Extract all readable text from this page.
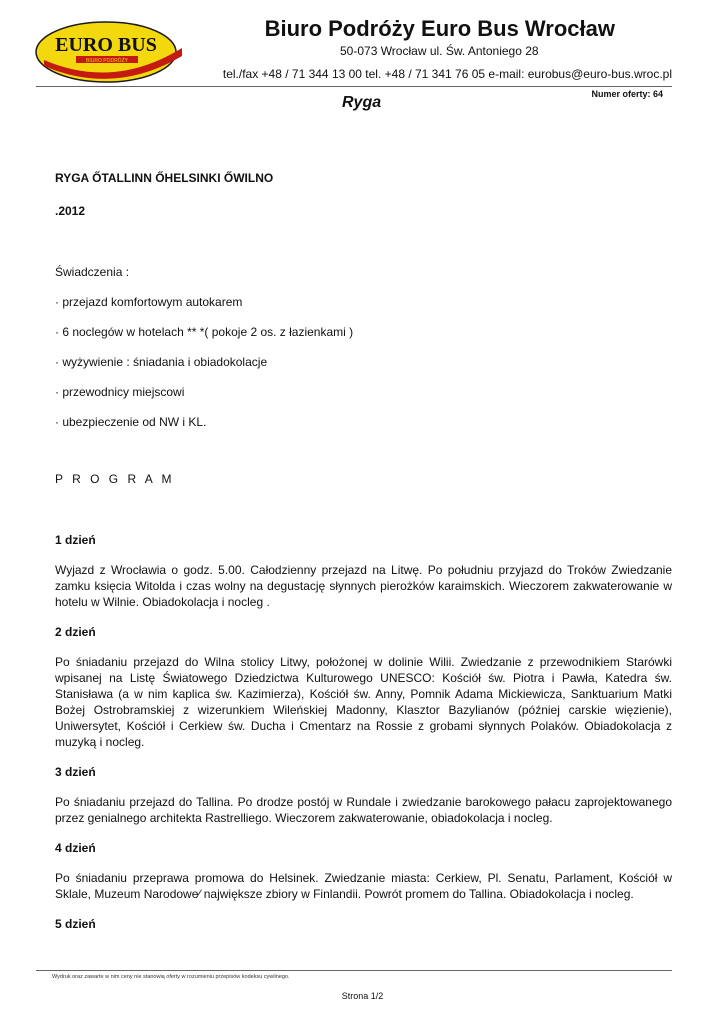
EURO BUS
BIURO PODRÓŻY
Biuro Podróży Euro Bus Wrocław
50-073 Wrocław ul. Św. Antoniego 28
tel./fax +48 / 71 344 13 00 tel. +48 / 71 341 76 05 e-mail: eurobus@euro-bus.wroc.pl
Ryga	Numer oferty: 64

RYGA ŐTALLINN ŐHELSINKI ŐWILNO

.2012

Świadczenia :

· przejazd komfortowym autokarem

· 6 noclegów w hotelach ** *( pokoje 2 os. z łazienkami )

· wyżywienie : śniadania i obiadokolacje

· przewodnicy miejscowi

· ubezpieczenie od NW i KL.

P R O G R A M

1 dzień

Wyjazd z Wrocławia o godz. 5.00. Całodzienny przejazd na Litwę. Po południu przyjazd do Troków Zwiedzanie zamku księcia Witolda i czas wolny na degustację słynnych pierożków karaimskich. Wieczorem zakwaterowanie w hotelu w Wilnie. Obiadokolacja i nocleg .

2 dzień

Po śniadaniu przejazd do Wilna stolicy Litwy, położonej w dolinie Wilii. Zwiedzanie z przewodnikiem Starówki wpisanej na Listę Światowego Dziedzictwa Kulturowego UNESCO: Kościół św. Piotra i Pawła, Katedra św. Stanisława (a w nim kaplica św. Kazimierza), Kościół św. Anny, Pomnik Adama Mickiewicza, Sanktuarium Matki Bożej Ostrobramskiej z wizerunkiem Wileńskiej Madonny, Klasztor Bazylianów (później carskie więzienie), Uniwersytet, Kościół i Cerkiew św. Ducha i Cmentarz na Rossie z grobami słynnych Polaków. Obiadokolacja z muzyką i nocleg.

3 dzień

Po śniadaniu przejazd do Tallina. Po drodze postój w Rundale i zwiedzanie barokowego pałacu zaprojektowanego przez genialnego architekta Rastrelliego. Wieczorem zakwaterowanie, obiadokolacja i nocleg.

4 dzień

Po śniadaniu przeprawa promowa do Helsinek. Zwiedzanie miasta: Cerkiew, Pl. Senatu, Parlament, Kościół w Sklale, Muzeum Narodowe⁄ największe zbiory w Finlandii. Powrót promem do Tallina. Obiadokolacja i nocleg.

5 dzień

Wydruk oraz zawarte w nim ceny nie stanowią oferty w rozumieniu przepisów kodeksu cywilnego.
Strona 1/2
